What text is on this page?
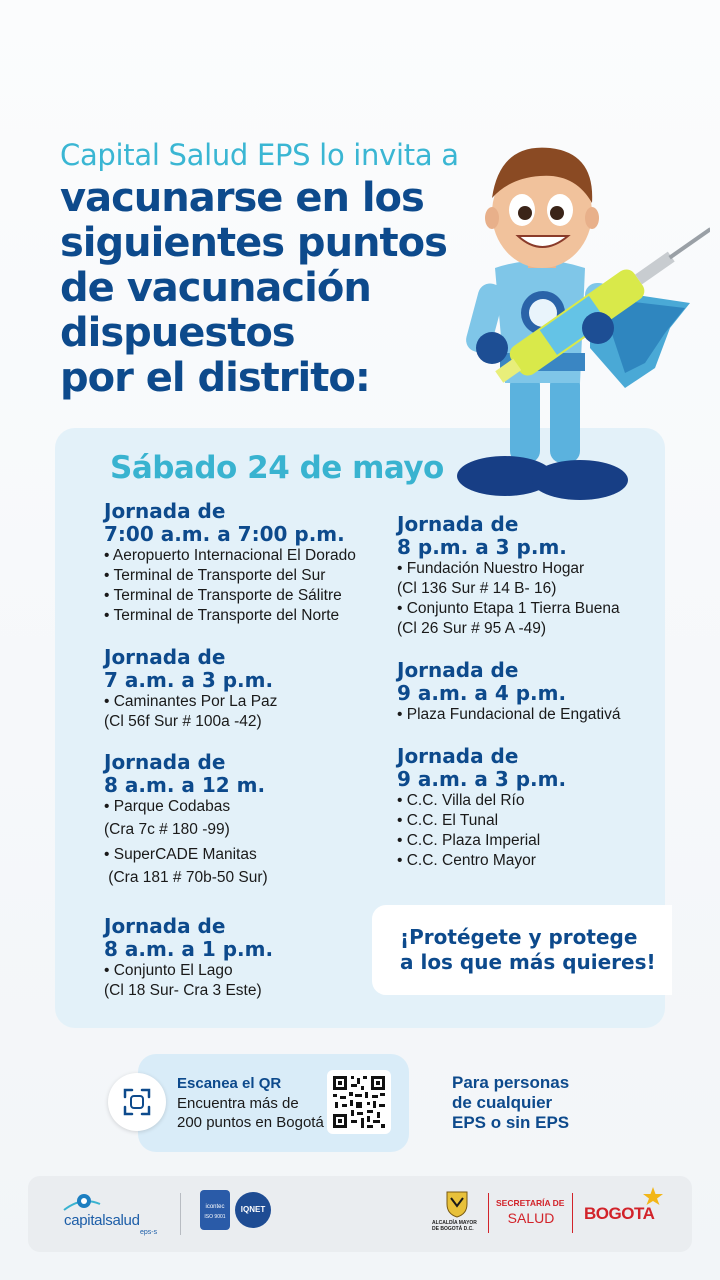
Capital Salud EPS lo invita a
vacunarse en los
siguientes puntos
de vacunación
dispuestos
por el distrito:
Sábado 24 de mayo
Jornada de
7:00 a.m. a 7:00 p.m.
• Aeropuerto Internacional El Dorado
• Terminal de Transporte del Sur
• Terminal de Transporte de Sálitre
• Terminal de Transporte del Norte
Jornada de
7 a.m. a 3 p.m.
• Caminantes Por La Paz
(Cl 56f Sur # 100a -42)
Jornada de
8 a.m. a 12 m.
• Parque Codabas
(Cra 7c # 180 -99)
• SuperCADE Manitas
(Cra 181 # 70b-50 Sur)
Jornada de
8 a.m. a 1 p.m.
• Conjunto El Lago
(Cl 18 Sur- Cra 3 Este)
Jornada de
8 p.m. a 3 p.m.
• Fundación Nuestro Hogar
(Cl 136 Sur # 14 B- 16)
• Conjunto Etapa 1 Tierra Buena
(Cl 26 Sur # 95 A -49)
Jornada de
9 a.m. a 4 p.m.
• Plaza Fundacional de Engativá
Jornada de
9 a.m. a 3 p.m.
• C.C. Villa del Río
• C.C. El Tunal
• C.C. Plaza Imperial
• C.C. Centro Mayor
¡Protégete y protege
a los que más quieres!
Escanea el QR
Encuentra más de
200 puntos en Bogotá
Para personas
de cualquier
EPS o sin EPS
capitalsalud
eps-s
icontec
ISO 9001
IQNET
ALCALDÍA MAYOR
DE BOGOTÁ D.C.
SECRETARÍA DE
SALUD	BOGOTA
